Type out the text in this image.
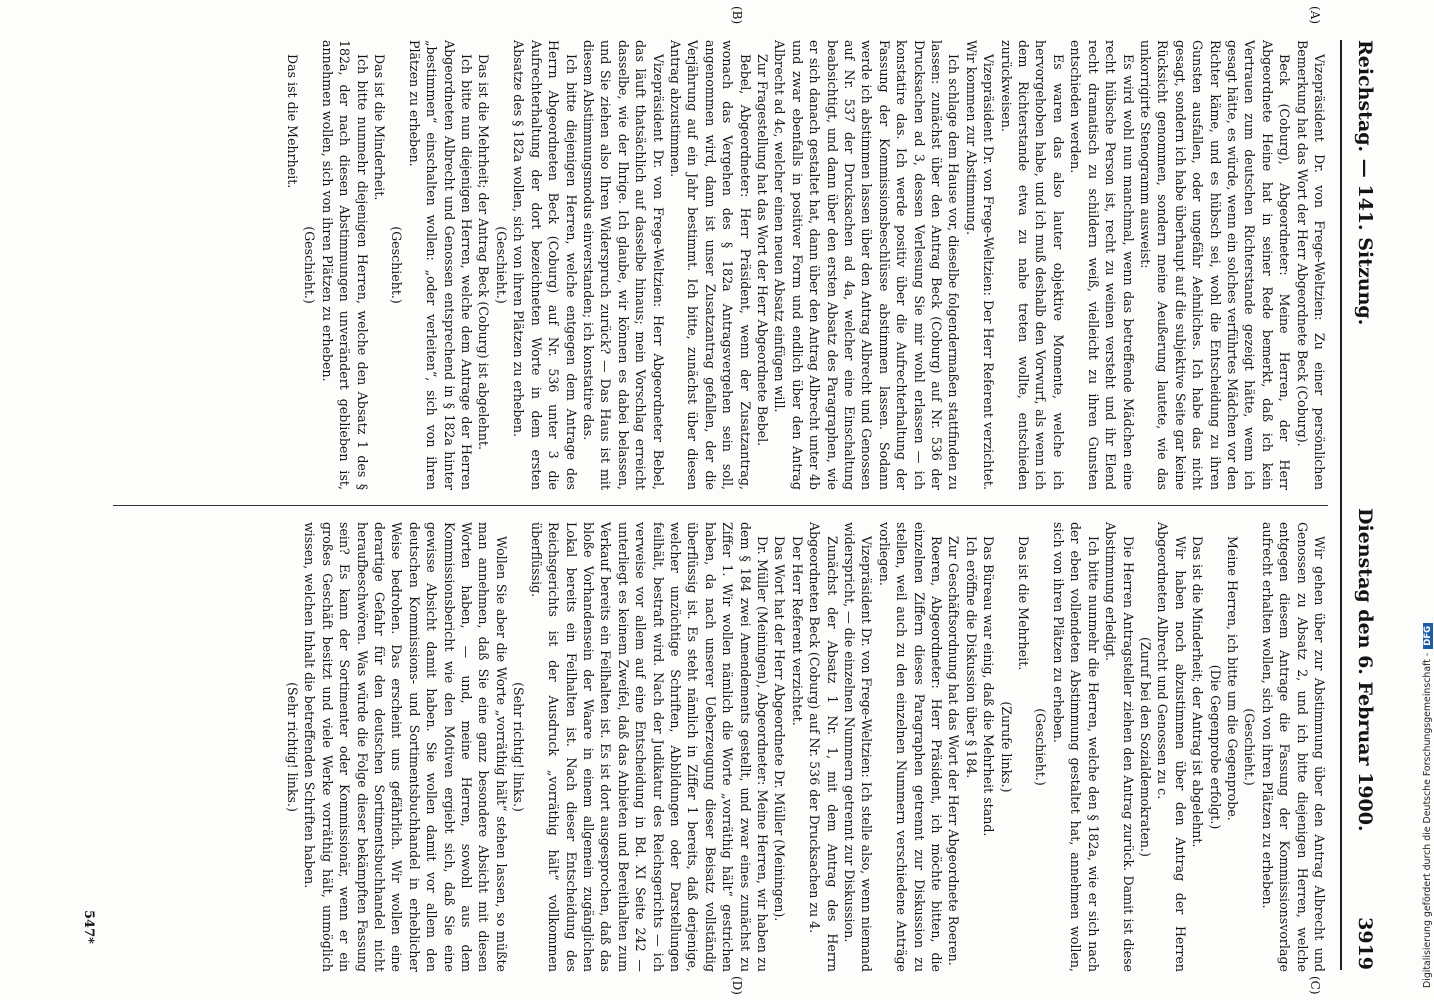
Reichstag. — 141. Sitzung.
Dienstag den 6. Februar 1900.
3919
(A)
(B)
(C)
(D)

Vizepräsident Dr. von Frege-Weltzien: Zu einer persönlichen Bemerkung hat das Wort der Herr Abgeordnete Beck (Coburg).

Beck (Coburg), Abgeordneter: Meine Herren, der Herr Abgeordnete Heine hat in seiner Rede bemerkt, daß ich kein Vertrauen zum deutschen Richterstande gezeigt hätte, wenn ich gesagt hätte, es würde, wenn ein solches verführtes Mädchen vor den Richter käme, und es hübsch sei, wohl die Entscheidung zu ihren Gunsten ausfallen, oder ungefähr Aehnliches. Ich habe das nicht gesagt, sondern ich habe überhaupt auf die subjektive Seite gar keine Rücksicht genommen, sondern meine Aeußerung lautete, wie das unkorrigirte Stenogramm ausweist:

Es wird wohl nun manchmal, wenn das betreffende Mädchen eine recht hübsche Person ist, recht zu weinen versteht und ihr Elend recht dramatisch zu schildern weiß, vielleicht zu ihren Gunsten entschieden werden.

Es waren das also lauter objektive Momente, welche ich hervorgehoben habe, und ich muß deshalb den Vorwurf, als wenn ich dem Richterstande etwa zu nahe treten wollte, entschieden zurückweisen.

Vizepräsident Dr. von Frege-Weltzien: Der Herr Referent verzichtet. Wir kommen zur Abstimmung.

Ich schlage dem Hause vor, dieselbe folgendermaßen stattfinden zu lassen: zunächst über den Antrag Beck (Coburg) auf Nr. 536 der Drucksachen ad 3, dessen Verlesung Sie mir wohl erlassen — ich konstatire das. Ich werde positiv über die Aufrechterhaltung der Fassung der Kommissionsbeschlüsse abstimmen lassen. Sodann werde ich abstimmen lassen über den Antrag Albrecht und Genossen auf Nr. 537 der Drucksachen ad 4a, welcher eine Einschaltung beabsichtigt, und dann über den ersten Absatz des Paragraphen, wie er sich danach gestaltet hat, dann über den Antrag Albrecht unter 4b und zwar ebenfalls in positiver Form und endlich über den Antrag Albrecht ad 4c, welcher einen neuen Absatz einfügen will.

Zur Fragestellung hat das Wort der Herr Abgeordnete Bebel.

Bebel, Abgeordneter: Herr Präsident, wenn der Zusatzantrag, wonach das Vergehen des § 182a Antragsvergehen sein soll, angenommen wird, dann ist unser Zusatzantrag gefallen, der die Verjährung auf ein Jahr bestimmt. Ich bitte, zunächst über diesen Antrag abzustimmen.

Vizepräsident Dr. von Frege-Weltzien: Herr Abgeordneter Bebel, das läuft thatsächlich auf dasselbe hinaus; mein Vorschlag erreicht dasselbe, wie der Ihrige. Ich glaube, wir können es dabei belassen, und Sie ziehen also Ihren Widerspruch zurück? — Das Haus ist mit diesem Abstimmungsmodus einverstanden; ich konstatire das.

Ich bitte diejenigen Herren, welche entgegen dem Antrage des Herrn Abgeordneten Beck (Coburg) auf Nr. 536 unter 3 die Aufrechterhaltung der dort bezeichneten Worte in dem ersten Absatze des § 182a wollen, sich von ihren Plätzen zu erheben.

(Geschieht.)

Das ist die Mehrheit; der Antrag Beck (Coburg) ist abgelehnt.

Ich bitte nun diejenigen Herren, welche dem Antrage der Herren Abgeordneten Albrecht und Genossen entsprechend in § 182a hinter „bestimmen“ einschalten wollen: „oder verleiten“, sich von ihren Plätzen zu erheben.

(Geschieht.)

Das ist die Minderheit.

Ich bitte nunmehr diejenigen Herren, welche den Absatz 1 des § 182a, der nach diesen Abstimmungen unverändert geblieben ist, annehmen wollen, sich von ihren Plätzen zu erheben.

(Geschieht.)

Das ist die Mehrheit.

Wir gehen über zur Abstimmung über den Antrag Albrecht und Genossen zu Absatz 2, und ich bitte diejenigen Herren, welche entgegen diesem Antrage die Fassung der Kommissionsvorlage aufrecht erhalten wollen, sich von ihren Plätzen zu erheben.

(Geschieht.)

Meine Herren, ich bitte um die Gegenprobe.

(Die Gegenprobe erfolgt.)

Das ist die Minderheit; der Antrag ist abgelehnt.

Wir haben noch abzustimmen über den Antrag der Herren Abgeordneten Albrecht und Genossen zu c.

(Zuruf bei den Sozialdemokraten.)

Die Herren Antragsteller ziehen den Antrag zurück. Damit ist diese Abstimmung erledigt.

Ich bitte nunmehr die Herren, welche den § 182a, wie er sich nach der eben vollendeten Abstimmung gestaltet hat, annehmen wollen, sich von ihren Plätzen zu erheben.

(Geschieht.)

Das ist die Mehrheit.

(Zurufe links.)

Das Büreau war einig, daß die Mehrheit stand.

Ich eröffne die Diskussion über § 184.

Zur Geschäftsordnung hat das Wort der Herr Abgeordnete Roeren.

Roeren, Abgeordneter: Herr Präsident, ich möchte bitten, die einzelnen Ziffern dieses Paragraphen getrennt zur Diskussion zu stellen, weil auch zu den einzelnen Nummern verschiedene Anträge vorliegen.

Vizepräsident Dr. von Frege-Weltzien: Ich stelle also, wenn niemand widerspricht, — die einzelnen Nummern getrennt zur Diskussion.

Zunächst der Absatz 1 Nr. 1, mit dem Antrag des Herrn Abgeordneten Beck (Coburg) auf Nr. 536 der Drucksachen zu 4.

Der Herr Referent verzichtet.

Das Wort hat der Herr Abgeordnete Dr. Müller (Meiningen).

Dr. Müller (Meiningen), Abgeordneter: Meine Herren, wir haben zu dem § 184 zwei Amendements gestellt, und zwar eines zunächst zu Ziffer 1. Wir wollen nämlich die Worte „vorräthig hält“ gestrichen haben, da nach unserer Ueberzeugung dieser Beisatz vollständig überflüssig ist. Es steht nämlich in Ziffer 1 bereits, daß derjenige, welcher unzüchtige Schriften, Abbildungen oder Darstellungen feilhält, bestraft wird. Nach der Judikatur des Reichsgerichts — ich verweise vor allem auf eine Entscheidung in Bd. XI Seite 242 — unterliegt es keinem Zweifel, daß das Anbieten und Bereithalten zum Verkauf bereits ein Feilhalten ist. Es ist dort ausgesprochen, daß das bloße Vorhandensein der Waare in einem allgemein zugänglichen Lokal bereits ein Feilhalten ist. Nach dieser Entscheidung des Reichsgerichts ist der Ausdruck „vorräthig hält“ vollkommen überflüssig.

(Sehr richtig! links.)

Wollen Sie aber die Worte „vorräthig hält“ stehen lassen, so müßte man annehmen, daß Sie eine ganz besondere Absicht mit diesen Worten haben, — und, meine Herren, sowohl aus dem Kommissionsbericht wie den Motiven ergiebt sich, daß Sie eine gewisse Absicht damit haben. Sie wollen damit vor allem den deutschen Kommissions- und Sortimentsbuchhandel in erheblicher Weise bedrohen. Das erscheint uns gefährlich. Wir wollen eine derartige Gefahr für den deutschen Sortimentsbuchhandel nicht heraufbeschwören. Was würde die Folge dieser bekämpften Fassung sein? Es kann der Sortimenter oder Kommissionär, wenn er ein großes Geschäft besitzt und viele Werke vorräthig hält, unmöglich wissen, welchen Inhalt die betreffenden Schriften haben.

(Sehr richtig! links.)

547*	Digitalisierung gefördert durch die Deutsche Forschungsgemeinschaft -DFG
